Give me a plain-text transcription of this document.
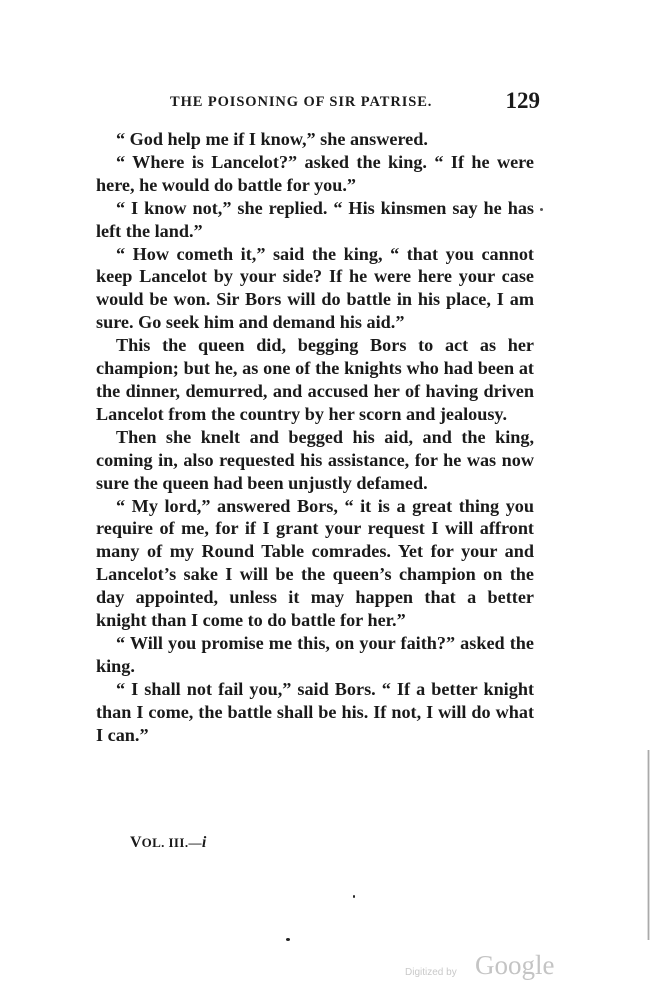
THE POISONING OF SIR PATRISE.	129

“ God help me if I know,” she answered.

“ Where is Lancelot?” asked the king. “ If he were here, he would do battle for you.”

“ I know not,” she replied. “ His kinsmen say he has left the land.”

“ How cometh it,” said the king, “ that you cannot keep Lancelot by your side? If he were here your case would be won. Sir Bors will do battle in his place, I am sure. Go seek him and demand his aid.”

This the queen did, begging Bors to act as her champion; but he, as one of the knights who had been at the dinner, demurred, and accused her of having driven Lancelot from the country by her scorn and jealousy.

Then she knelt and begged his aid, and the king, coming in, also requested his assistance, for he was now sure the queen had been unjustly defamed.

“ My lord,” answered Bors, “ it is a great thing you require of me, for if I grant your request I will affront many of my Round Table comrades. Yet for your and Lancelot’s sake I will be the queen’s champion on the day appointed, unless it may happen that a better knight than I come to do battle for her.”

“ Will you promise me this, on your faith?” asked the king.

“ I shall not fail you,” said Bors. “ If a better knight than I come, the battle shall be his. If not, I will do what I can.”

VOL. III.—i
Digitized by Google
